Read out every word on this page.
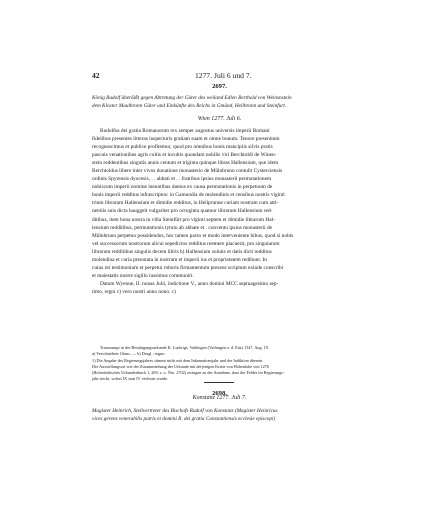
42	1277. Juli 6 und 7.
2697.
König Rudolf überläßt gegen Abtretung der Güter des weiland Edlen Berthold von Weinsnstein
dem Kloster Maulbronn Güter und Einkünfte des Reichs in Gmünd, Heilbronn und Steinfurt.
Wien 1277. Juli 6.
Rudolfus dei gratia Romanorum rex semper augustus universis imperii Romani
fidelibus presentes litteras inspecturis gratiam suam et omne bonum. Tenore presentium
recognoscimus et publice profitemur, quod pro omnibus bonis mancipiis silvis pratis
pascuis venationibus agris cultis et incultis quondam nobilis viri Berchtoldi de Winen-
stein reddentibus singulis annis centum et triginta quinque libras Hallensium, que idem
Berchtoldus libere inter vivos donatione monasterio de Mûlnbrunn contulit Cysterciensis
ordinis Spyrensis dyocesis, . . abbati et . . fratribus ipsius monasterii permutationem
nobiscum imperii nomine ineuntibus damus ex causa permutationis in perpetuum de
bonis imperii redditus infrascriptos: in Gamundia de molendinis et censibus nostris viginti
trium librarum Hallensium et dimidie redditus, in Heilprunne curiam nostram cum atti-
nentiis suis dicta hauggelt vulgariter pro octoginta quatuor librarum Hallensium red-
ditibus, item bona nostra in villa Steinfûrt pro viginti septem et dimidie librarum Hal-
lensium redditibus, permutationis tytulo ab abbate et . conventu ipsius monasterii de
Mûlnbrunn perpetuo possidendos, hoc tamen pacto et modo interveniente hibus, quod si nobis
vel successorum nostrorum alicui sepedictos redditus reemere placuerit, pro singularum
librarum redditibus singulis decem libris b) Hallensium solutis et datis dicti redditus
molendina et curia prenotata in nostrum et imperii ius et proprietatem redibunt. In
cuius rei testimonium et perpetui roboris firmamentum presens scriptum exinde conscribi
et maiestatis nostre sigillo iussimus communiri.
Datum Wyenne, II. nonas Julii, indictione V., anno domini MCC septuagesimo sep-
timo, regni c) vero nostri anno nono. c)
Transsumpt in der Bestätigungsurkunde K. Ludwigs, Vaihingen (Vaihingen a. d. Enz) 1347, Aug. 19.
a) Verschrieben: librus. — b) Desgl.: regno.
1) Die Angabe des Regierungsjahres stimmt nicht mit dem Inkarnationsjahr und der Indiktion überein.
Der Ausstellungsort wie der Zusammenhang der Urkunde mit derjenigen Kraits von Hohenlohe von 1276
(Hohenlohisches Urkundenbuch 1, 269; s. o. Nro. 2702) zwingen zu der Annahme, dass der Fehler im Regierungs-
jahr steckt, wobei IX statt IV verlesen wurde.
2698.
Konstanz 1277. Juli 7.
Magister Heinrich, Stellvertreter des Bischofs Rudolf von Konstanz (Magister Heinricus
vices gerens venerabilis patris et domini R. dei gratia Constantiensis ecclesie episcopi)
